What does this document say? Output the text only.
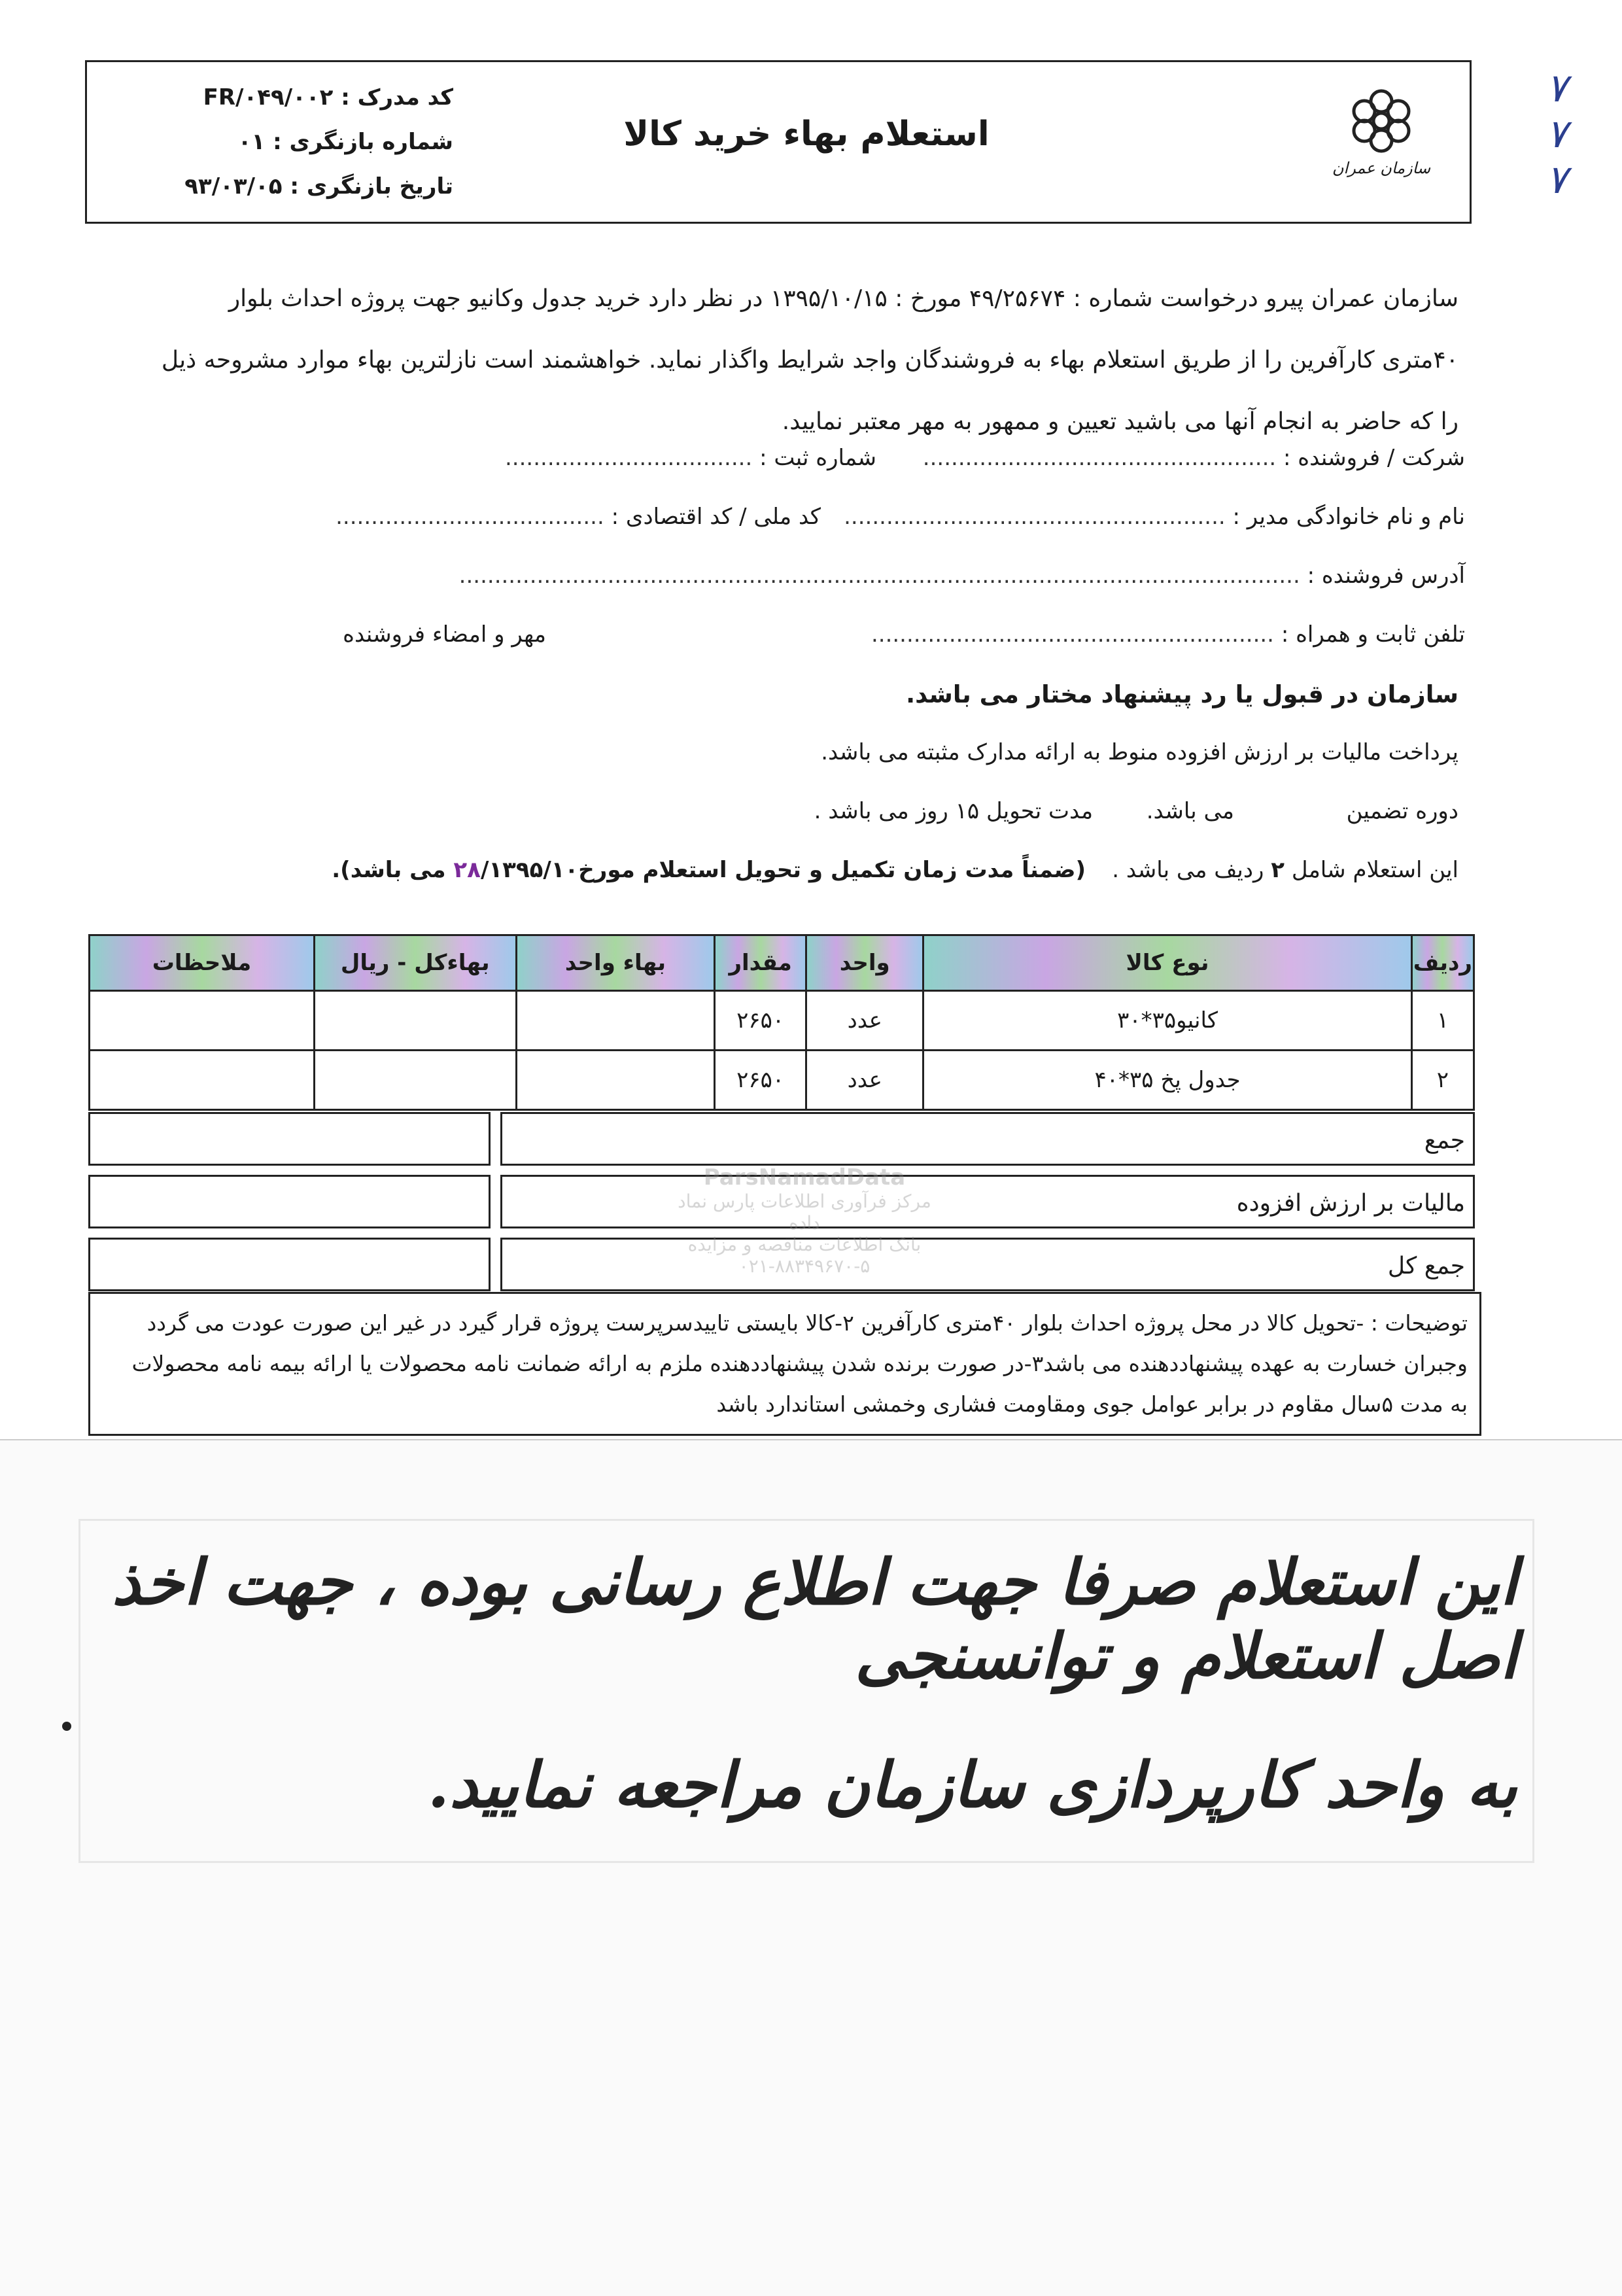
کد مدرک : FR/۰۴۹/۰۰۲
شماره بازنگری : ۰۱
تاریخ بازنگری : ۹۳/۰۳/۰۵
استعلام بهاء خرید کالا
سازمان عمران
۷
۷
۷
سازمان عمران پیرو درخواست شماره : ۴۹/۲۵۶۷۴ مورخ : ۱۳۹۵/۱۰/۱۵ در نظر دارد خرید جدول وکانیو جهت پروژه احداث بلوار
۴۰متری کارآفرین را از طریق استعلام بهاء به فروشندگان واجد شرایط واگذار نماید. خواهشمند است نازلترین بهاء موارد مشروحه ذیل
را که حاضر به انجام آنها می باشید تعیین و ممهور به مهر معتبر نمایید.
شرکت / فروشنده : ..................................................
شماره ثبت : ...................................
نام و نام خانوادگی مدیر : ......................................................
کد ملی / کد اقتصادی : ......................................
آدرس فروشنده : .......................................................................................................................
تلفن ثابت و همراه : .........................................................
مهر و امضاء فروشنده
سازمان در قبول یا رد پیشنهاد مختار می باشد.
پرداخت مالیات بر ارزش افزوده منوط به ارائه مدارک مثبته می باشد.
دوره تضمین  می باشد.  مدت تحویل ۱۵ روز می باشد .
این استعلام شامل ۲ ردیف می باشد .
(ضمناً مدت زمان تکمیل و تحویل استعلام مورخ۲۸/۱۳۹۵/۱۰ می باشد).
ردیف	نوع کالا	واحد	مقدار	بهاء واحد	بهاءکل - ریال	ملاحظات
۱	کانیو۳۵*۳۰	عدد	۲۶۵۰			
۲	جدول پخ ۳۵*۴۰	عدد	۲۶۵۰			
جمع
مالیات بر ارزش افزوده
جمع کل
ParsNamadData
مرکز فرآوری اطلاعات پارس نماد داده
بانک اطلاعات مناقصه و مزایده
۰۲۱-۸۸۳۴۹۶۷۰-۵
توضیحات : -تحویل کالا در محل پروژه احداث بلوار ۴۰متری کارآفرین ۲-کالا بایستی تاییدسرپرست پروژه قرار گیرد در غیر این صورت عودت می گردد
وجبران خسارت به عهده پیشنهاددهنده می باشد۳-در صورت برنده شدن پیشنهاددهنده ملزم به ارائه ضمانت نامه محصولات یا ارائه بیمه نامه محصولات
به مدت ۵سال مقاوم در برابر عوامل جوی ومقاومت فشاری وخمشی استاندارد باشد
این استعلام صرفا جهت اطلاع رسانی بوده ، جهت اخذ اصل استعلام و توانسنجی
به واحد کارپردازی سازمان مراجعه نمایید.
